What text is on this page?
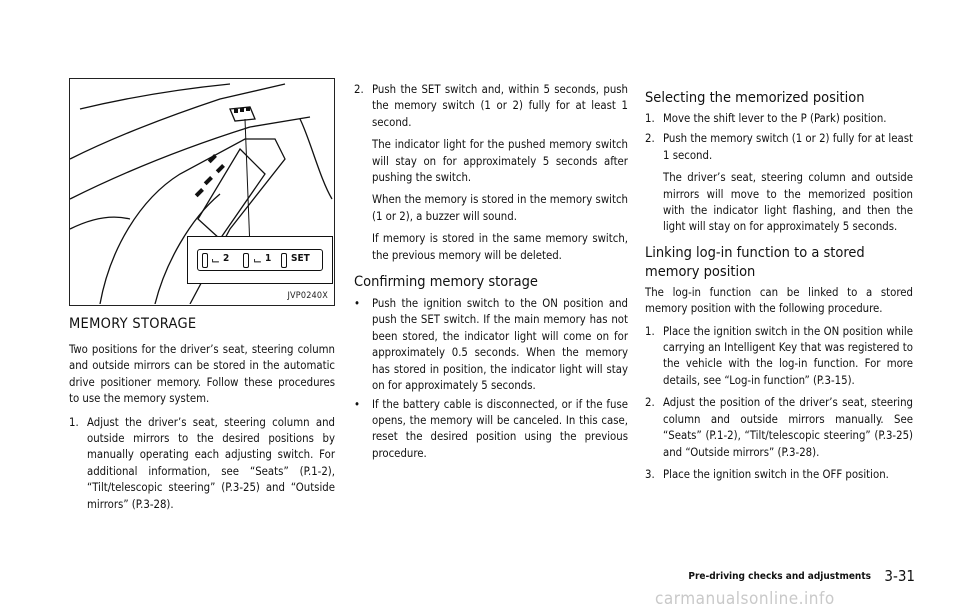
⌙ 2 ⌙ 1 SET
JVP0240X
MEMORY STORAGE

Two positions for the driver’s seat, steering column and outside mirrors can be stored in the automatic drive positioner memory. Follow these procedures to use the memory system.

1. Adjust the driver’s seat, steering column and outside mirrors to the desired positions by manually operating each adjusting switch. For additional information, see “Seats” (P.1-2), “Tilt/telescopic steering” (P.3-25) and “Outside mirrors” (P.3-28).
2. Push the SET switch and, within 5 seconds, push the memory switch (1 or 2) fully for at least 1 second.
The indicator light for the pushed memory switch will stay on for approximately 5 seconds after pushing the switch.
When the memory is stored in the memory switch (1 or 2), a buzzer will sound.
If memory is stored in the same memory switch, the previous memory will be deleted.
Confirming memory storage
•	Push the ignition switch to the ON position and push the SET switch. If the main memory has not been stored, the indicator light will come on for approximately 0.5 seconds. When the memory has stored in position, the indicator light will stay on for approximately 5 seconds.
•	If the battery cable is disconnected, or if the fuse opens, the memory will be canceled. In this case, reset the desired position using the previous procedure.
Selecting the memorized position
1. Move the shift lever to the P (Park) position.
2. Push the memory switch (1 or 2) fully for at least 1 second.
The driver’s seat, steering column and outside mirrors will move to the memorized position with the indicator light flashing, and then the light will stay on for approximately 5 seconds.
Linking log-in function to a stored memory position

The log-in function can be linked to a stored memory position with the following procedure.

1. Place the ignition switch in the ON position while carrying an Intelligent Key that was registered to the vehicle with the log-in function. For more details, see “Log-in function” (P.3-15).
2. Adjust the position of the driver’s seat, steering column and outside mirrors manually. See “Seats” (P.1-2), “Tilt/telescopic steering” (P.3-25) and “Outside mirrors” (P.3-28).
3. Place the ignition switch in the OFF position.
Pre-driving checks and adjustments 3-31
carmanualsonline.info
